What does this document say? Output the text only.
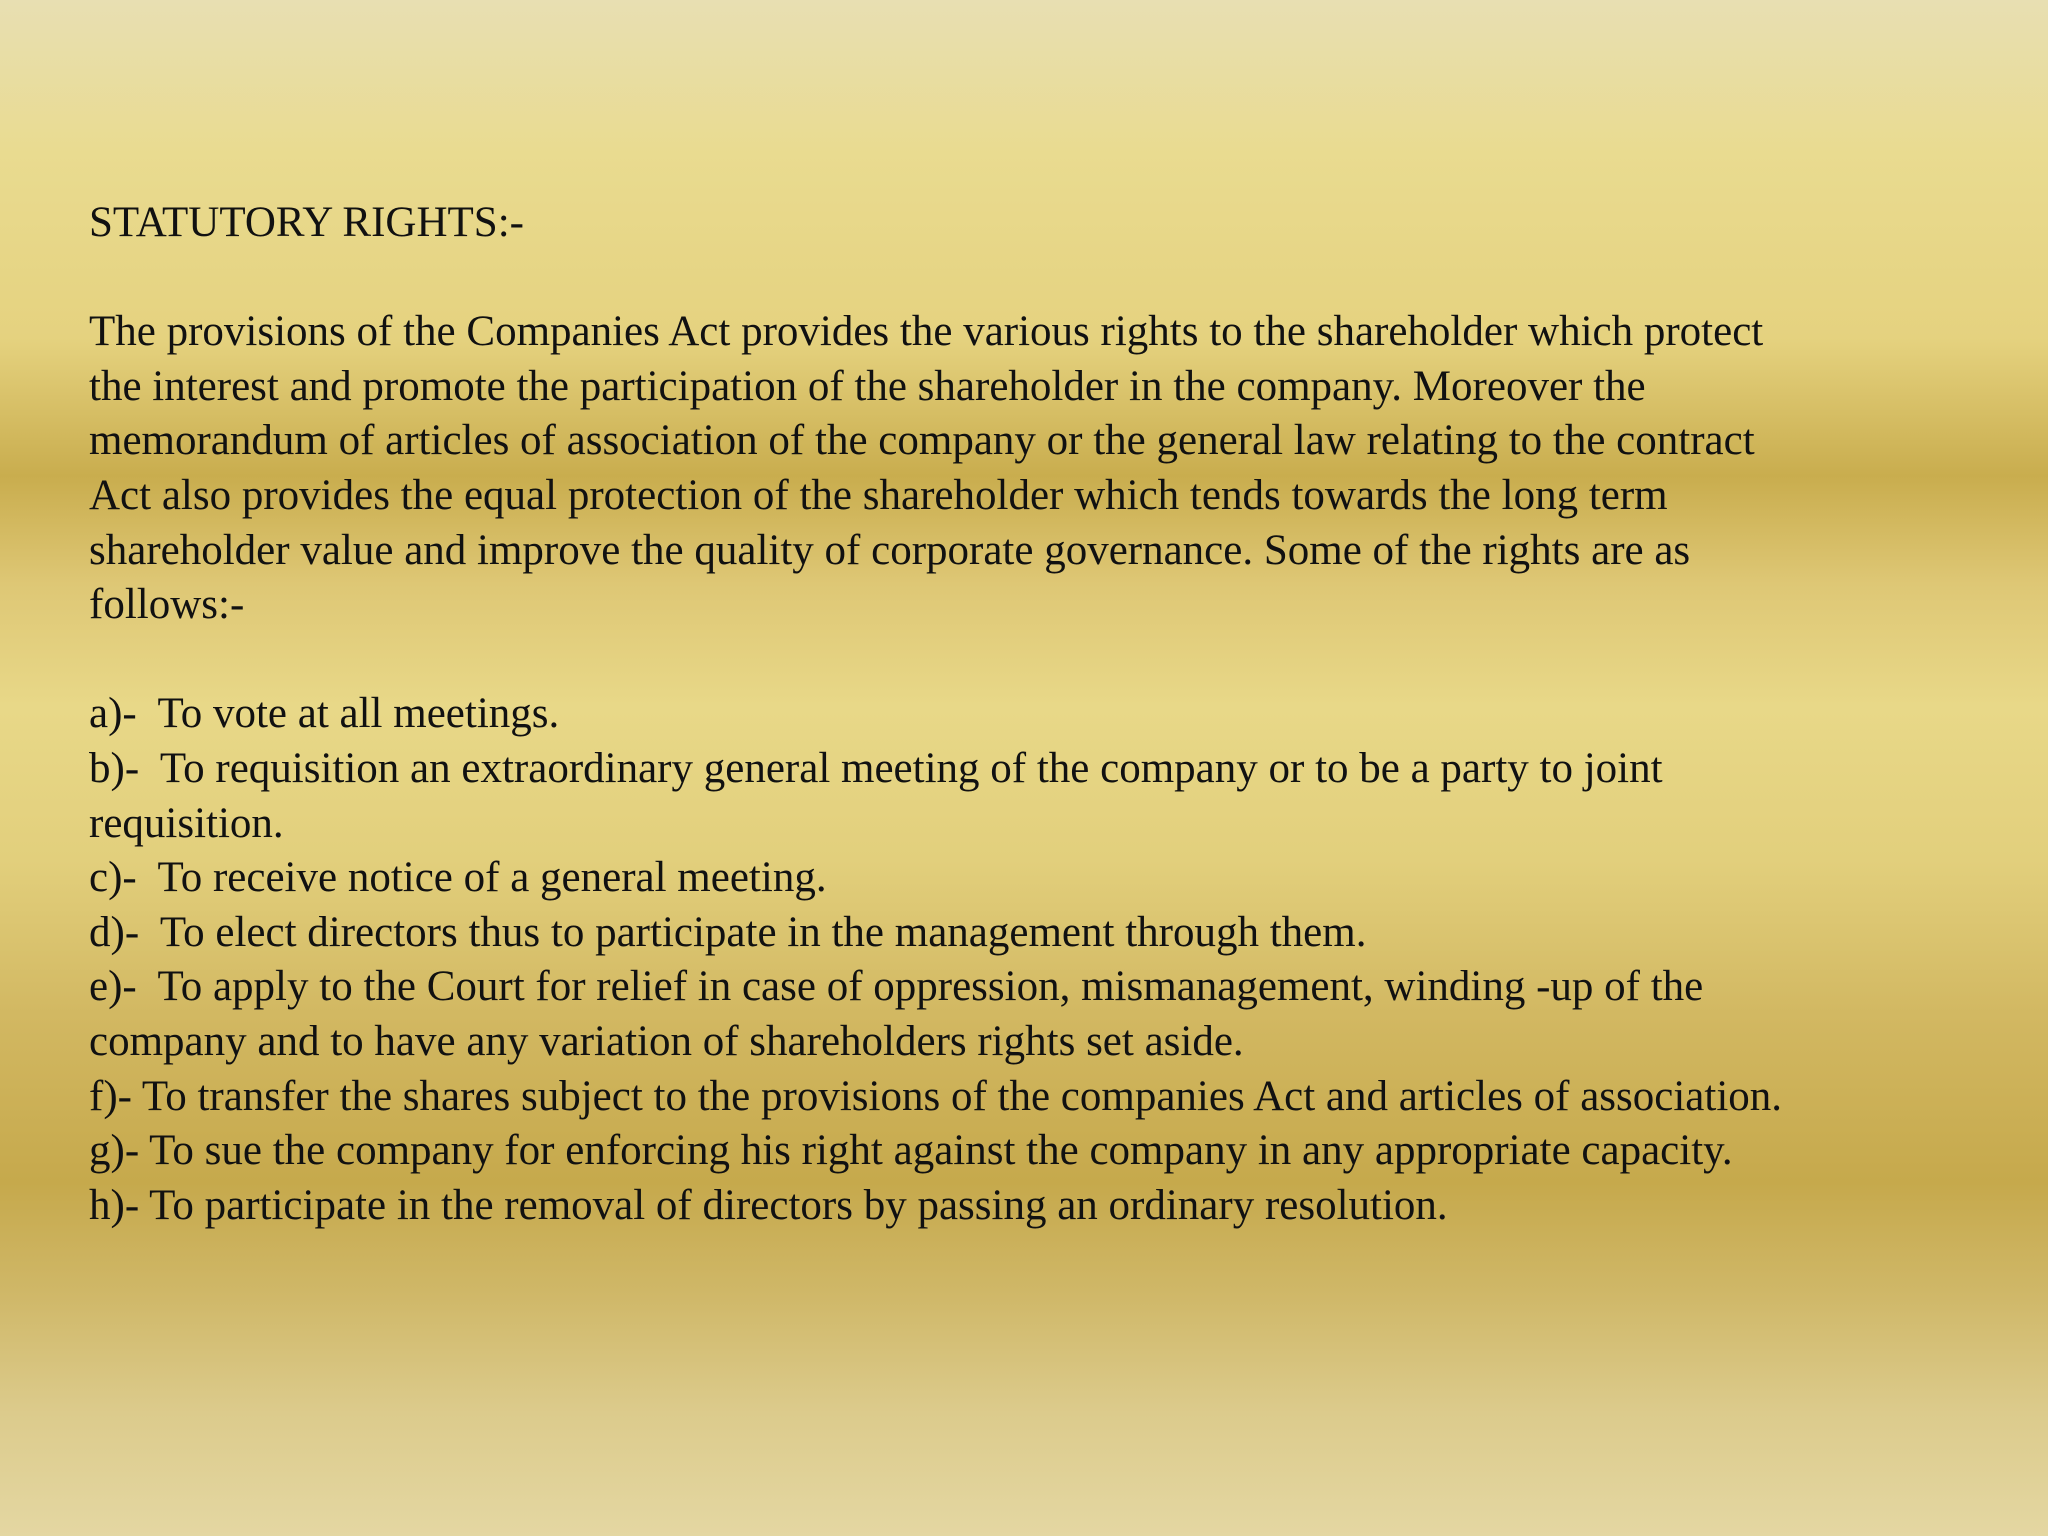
STATUTORY RIGHTS:-
The provisions of the Companies Act provides the various rights to the shareholder which protect
the interest and promote the participation of the shareholder in the company. Moreover the
memorandum of articles of association of the company or the general law relating to the contract
Act also provides the equal protection of the shareholder which tends towards the long term
shareholder value and improve the quality of corporate governance. Some of the rights are as
follows:-
a)-  To vote at all meetings.
b)-  To requisition an extraordinary general meeting of the company or to be a party to joint
requisition.
c)-  To receive notice of a general meeting.
d)-  To elect directors thus to participate in the management through them.
e)-  To apply to the Court for relief in case of oppression, mismanagement, winding -up of the
company and to have any variation of shareholders rights set aside.
f)- To transfer the shares subject to the provisions of the companies Act and articles of association.
g)- To sue the company for enforcing his right against the company in any appropriate capacity.
h)- To participate in the removal of directors by passing an ordinary resolution.
